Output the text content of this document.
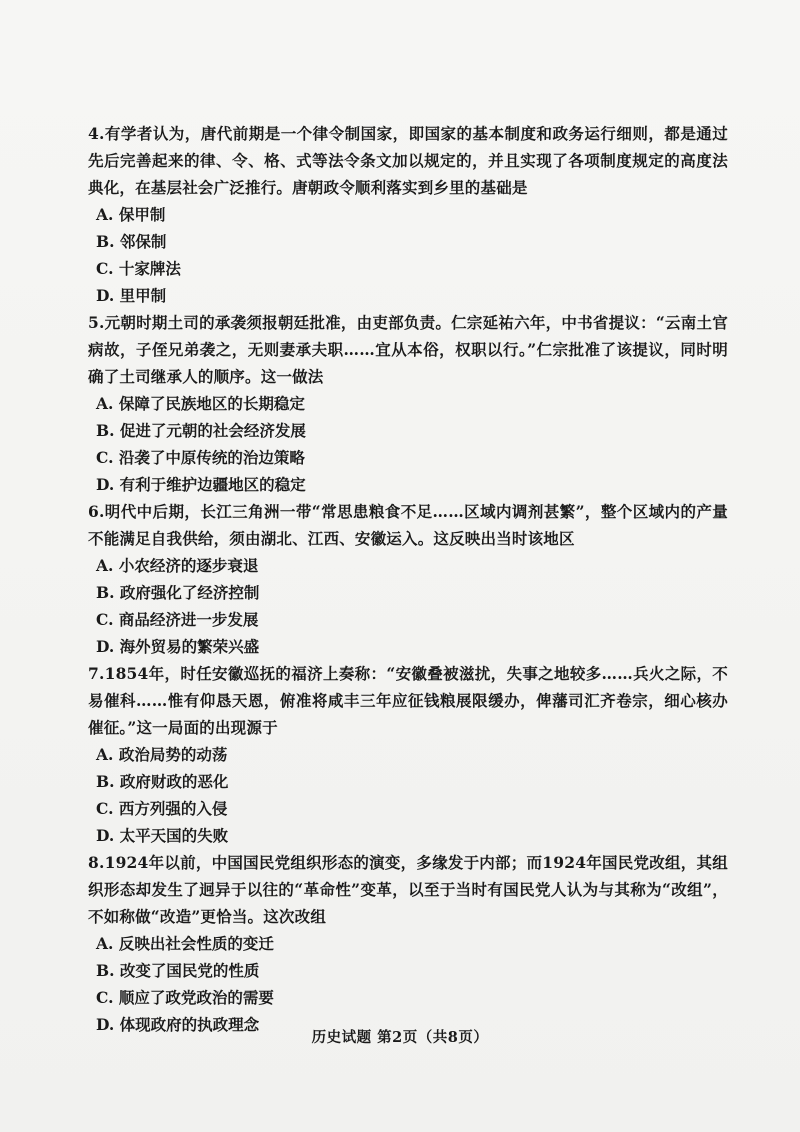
4.有学者认为，唐代前期是一个律令制国家，即国家的基本制度和政务运行细则，都是通过先后完善起来的律、令、格、式等法令条文加以规定的，并且实现了各项制度规定的高度法典化，在基层社会广泛推行。唐朝政令顺利落实到乡里的基础是

A. 保甲制

B. 邻保制

C. 十家牌法

D. 里甲制

5.元朝时期土司的承袭须报朝廷批准，由吏部负责。仁宗延祐六年，中书省提议：“云南土官病故，子侄兄弟袭之，无则妻承夫职……宜从本俗，权职以行。”仁宗批准了该提议，同时明确了土司继承人的顺序。这一做法

A. 保障了民族地区的长期稳定

B. 促进了元朝的社会经济发展

C. 沿袭了中原传统的治边策略

D. 有利于维护边疆地区的稳定

6.明代中后期，长江三角洲一带“常思患粮食不足……区域内调剂甚繁”，整个区域内的产量不能满足自我供给，须由湖北、江西、安徽运入。这反映出当时该地区

A. 小农经济的逐步衰退

B. 政府强化了经济控制

C. 商品经济进一步发展

D. 海外贸易的繁荣兴盛

7.1854年，时任安徽巡抚的福济上奏称：“安徽叠被滋扰，失事之地较多……兵火之际，不易催科……惟有仰恳天恩，俯准将咸丰三年应征钱粮展限缓办，俾藩司汇齐卷宗，细心核办催征。”这一局面的出现源于

A. 政治局势的动荡

B. 政府财政的恶化

C. 西方列强的入侵

D. 太平天国的失败

8.1924年以前，中国国民党组织形态的演变，多缘发于内部；而1924年国民党改组，其组织形态却发生了迥异于以往的“革命性”变革，以至于当时有国民党人认为与其称为“改组”，不如称做“改造”更恰当。这次改组

A. 反映出社会性质的变迁

B. 改变了国民党的性质

C. 顺应了政党政治的需要

D. 体现政府的执政理念

历史试题 第2页（共8页）
